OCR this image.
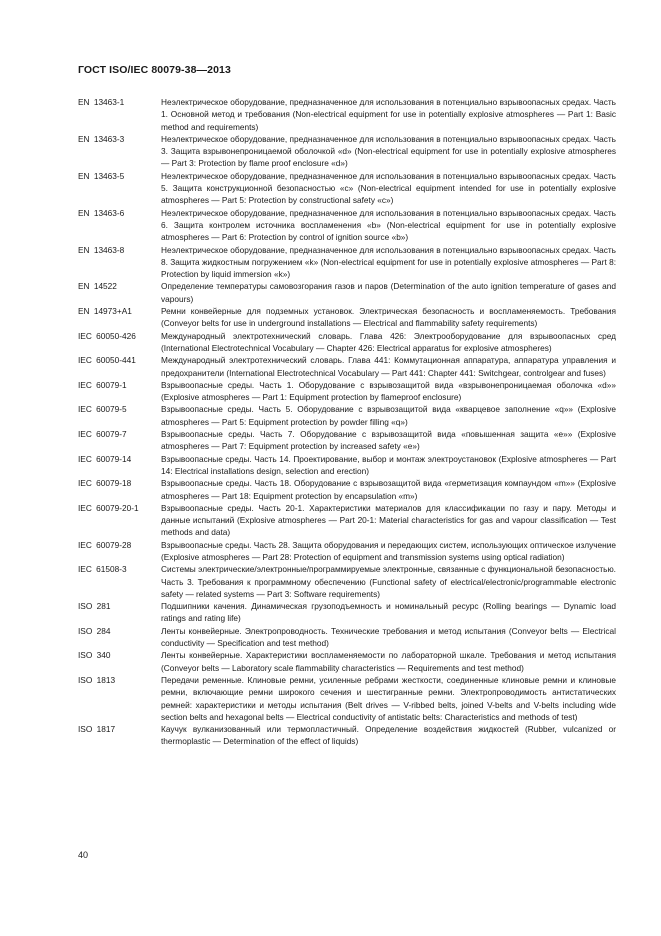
ГОСТ ISO/IEC 80079-38—2013
EN 13463-1	Неэлектрическое оборудование, предназначенное для использования в потенциально взрывоопасных средах. Часть 1. Основной метод и требования (Non-electrical equipment for use in potentially explosive atmospheres — Part 1: Basic method and requirements)
EN 13463-3	Неэлектрическое оборудование, предназначенное для использования в потенциально взрывоопасных средах. Часть 3. Защита взрывонепроницаемой оболочкой «d» (Non-electrical equipment for use in potentially explosive atmospheres — Part 3: Protection by flame proof enclosure «d»)
EN 13463-5	Неэлектрическое оборудование, предназначенное для использования в потенциально взрывоопасных средах. Часть 5. Защита конструкционной безопасностью «c» (Non-electrical equipment intended for use in potentially explosive atmospheres — Part 5: Protection by constructional safety «c»)
EN 13463-6	Неэлектрическое оборудование, предназначенное для использования в потенциально взрывоопасных средах. Часть 6. Защита контролем источника воспламенения «b» (Non-electrical equipment for use in potentially explosive atmospheres — Part 6: Protection by control of ignition source «b»)
EN 13463-8	Неэлектрическое оборудование, предназначенное для использования в потенциально взрывоопасных средах. Часть 8. Защита жидкостным погружением «k» (Non-electrical equipment for use in potentially explosive atmospheres — Part 8: Protection by liquid immersion «k»)
EN 14522	Определение температуры самовозгорания газов и паров (Determination of the auto ignition temperature of gases and vapours)
EN 14973+A1	Ремни конвейерные для подземных установок. Электрическая безопасность и воспламеняемость. Требования (Conveyor belts for use in underground installations — Electrical and flammability safety requirements)
IEC 60050-426	Международный электротехнический словарь. Глава 426: Электрооборудование для взрывоопасных сред (International Electrotechnical Vocabulary — Chapter 426: Electrical apparatus for explosive atmospheres)
IEC 60050-441	Международный электротехнический словарь. Глава 441: Коммутационная аппаратура, аппаратура управления и предохранители (International Electrotechnical Vocabulary — Part 441: Chapter 441: Switchgear, controlgear and fuses)
IEC 60079-1	Взрывоопасные среды. Часть 1. Оборудование с взрывозащитой вида «взрывонепроницаемая оболочка «d»» (Explosive atmospheres — Part 1: Equipment protection by flameproof enclosure)
IEC 60079-5	Взрывоопасные среды. Часть 5. Оборудование с взрывозащитой вида «кварцевое заполнение «q»» (Explosive atmospheres — Part 5: Equipment protection by powder filling «q»)
IEC 60079-7	Взрывоопасные среды. Часть 7. Оборудование с взрывозащитой вида «повышенная защита «е»» (Explosive atmospheres — Part 7: Equipment protection by increased safety «е»)
IEC 60079-14	Взрывоопасные среды. Часть 14. Проектирование, выбор и монтаж электроустановок (Explosive atmospheres — Part 14: Electrical installations design, selection and erection)
IEC 60079-18	Взрывоопасные среды. Часть 18. Оборудование с взрывозащитой вида «герметизация компаундом «m»» (Explosive atmospheres — Part 18: Equipment protection by encapsulation «m»)
IEC 60079-20-1	Взрывоопасные среды. Часть 20-1. Характеристики материалов для классификации по газу и пару. Методы и данные испытаний (Explosive atmospheres — Part 20-1: Material characteristics for gas and vapour classification — Test methods and data)
IEC 60079-28	Взрывоопасные среды. Часть 28. Защита оборудования и передающих систем, использующих оптическое излучение (Explosive atmospheres — Part 28: Protection of equipment and transmission systems using optical radiation)
IEC 61508-3	Системы электрические/электронные/программируемые электронные, связанные с функциональной безопасностью. Часть 3. Требования к программному обеспечению (Functional safety of electrical/electronic/programmable electronic safety — related systems — Part 3: Software requirements)
ISO 281	Подшипники качения. Динамическая грузоподъемность и номинальный ресурс (Rolling bearings — Dynamic load ratings and rating life)
ISO 284	Ленты конвейерные. Электропроводность. Технические требования и метод испытания (Conveyor belts — Electrical conductivity — Specification and test method)
ISO 340	Ленты конвейерные. Характеристики воспламеняемости по лабораторной шкале. Требования и метод испытания (Conveyor belts — Laboratory scale flammability characteristics — Requirements and test method)
ISO 1813	Передачи ременные. Клиновые ремни, усиленные ребрами жесткости, соединенные клиновые ремни и клиновые ремни, включающие ремни широкого сечения и шестигранные ремни. Электропроводимость антистатических ремней: характеристики и методы испытания (Belt drives — V-ribbed belts, joined V-belts and V-belts including wide section belts and hexagonal belts — Electrical conductivity of antistatic belts: Characteristics and methods of test)
ISO 1817	Каучук вулканизованный или термопластичный. Определение воздействия жидкостей (Rubber, vulcanized or thermoplastic — Determination of the effect of liquids)
40
